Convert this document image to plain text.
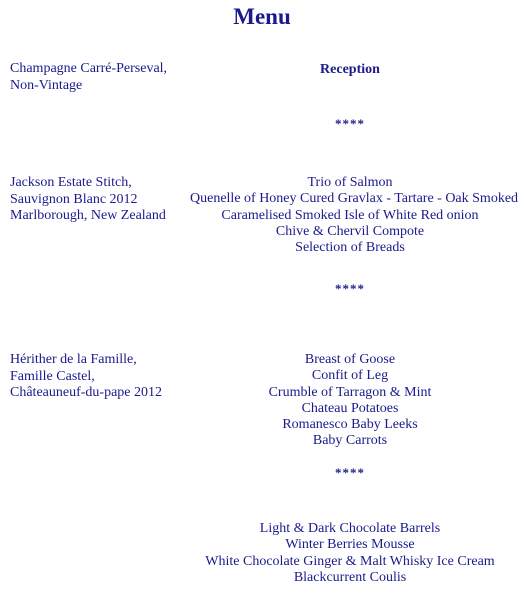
Menu
Champagne Carré-Perseval,
Non-Vintage
Reception
****
Jackson Estate Stitch,
Sauvignon Blanc 2012
Marlborough, New Zealand
Trio of Salmon
Quenelle of Honey Cured Gravlax - Tartare - Oak Smoked
Caramelised Smoked Isle of White Red onion
Chive & Chervil Compote
Selection of Breads
****
Hérither de la Famille,
Famille Castel,
Châteauneuf-du-pape 2012
Breast of Goose
Confit of Leg
Crumble of Tarragon & Mint
Chateau Potatoes
Romanesco Baby Leeks
Baby Carrots
****
Light & Dark Chocolate Barrels
Winter Berries Mousse
White Chocolate Ginger & Malt Whisky Ice Cream
Blackcurrent Coulis
